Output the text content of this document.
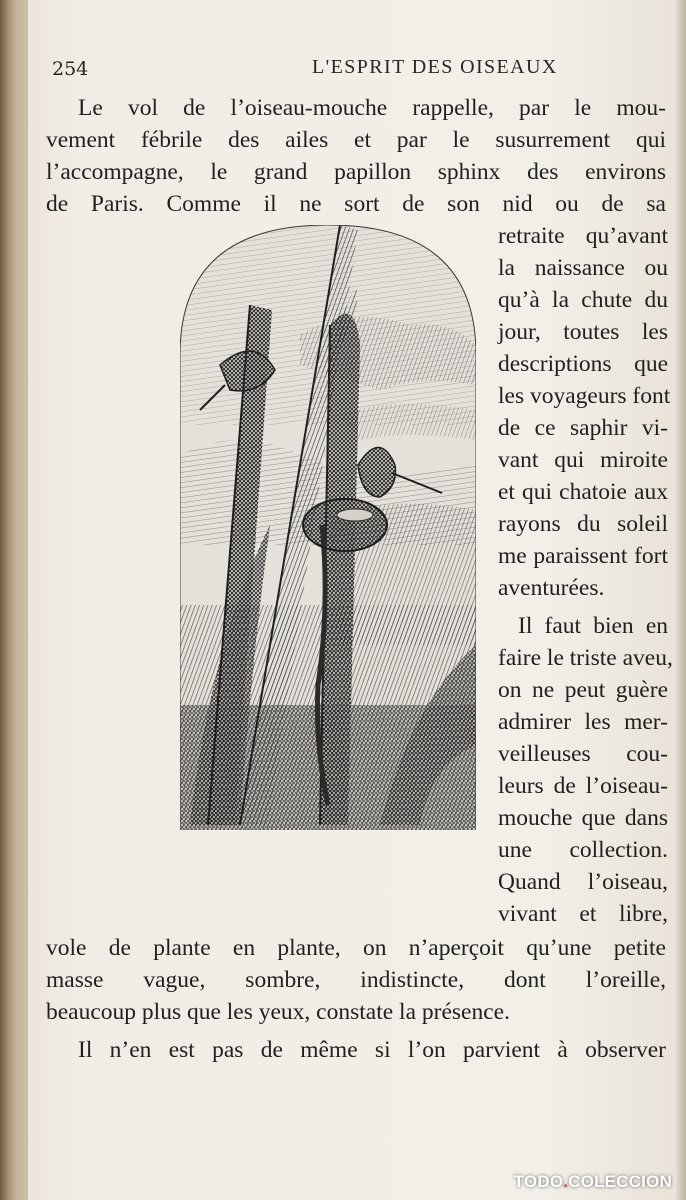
254	L'ESPRIT DES OISEAUX
Le vol de l’oiseau-mouche rappelle, par le mou-
vement fébrile des ailes et par le susurrement qui
l’accompagne, le grand papillon sphinx des environs
de Paris. Comme il ne sort de son nid ou de sa
retraite qu’avant
la naissance ou
qu’à la chute du
jour, toutes les
descriptions que
les voyageurs font
de ce saphir vi-
vant qui miroite
et qui chatoie aux
rayons du soleil
me paraissent fort
aventurées.
Il faut bien en
faire le triste aveu,
on ne peut guère
admirer les mer-
veilleuses cou-
leurs de l’oiseau-
mouche que dans
une collection.
Quand l’oiseau,
vivant et libre,
vole de plante en plante, on n’aperçoit qu’une petite
masse vague, sombre, indistincte, dont l’oreille,
beaucoup plus que les yeux, constate la présence.
Il n’en est pas de même si l’on parvient à observer
TODO.COLECCION
